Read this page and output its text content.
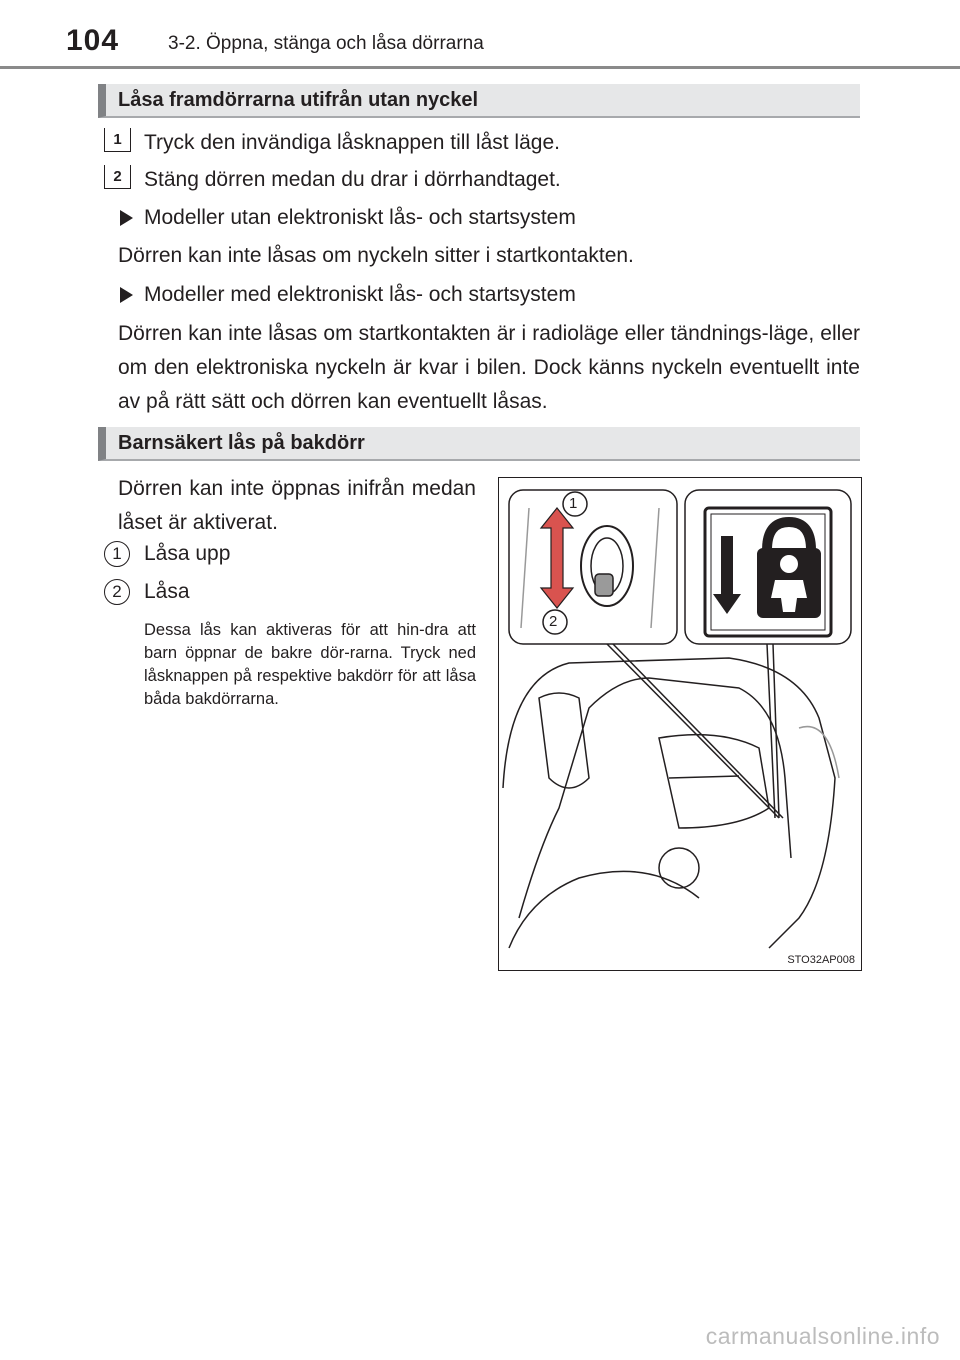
104	3-2. Öppna, stänga och låsa dörrarna
Låsa framdörrarna utifrån utan nyckel
1	Tryck den invändiga låsknappen till låst läge.
2	Stäng dörren medan du drar i dörrhandtaget.
Modeller utan elektroniskt lås- och startsystem
Dörren kan inte låsas om nyckeln sitter i startkontakten.
Modeller med elektroniskt lås- och startsystem
Dörren kan inte låsas om startkontakten är i radioläge eller tändnings-läge, eller om den elektroniska nyckeln är kvar i bilen. Dock känns nyckeln eventuellt inte av på rätt sätt och dörren kan eventuellt låsas.
Barnsäkert lås på bakdörr
Dörren kan inte öppnas inifrån medan låset är aktiverat.
1	Låsa upp
2	Låsa
Dessa lås kan aktiveras för att hin-dra att barn öppnar de bakre dör-rarna. Tryck ned låsknappen på respektive bakdörr för att låsa båda bakdörrarna.
1
2
STO32AP008
carmanualsonline.info
